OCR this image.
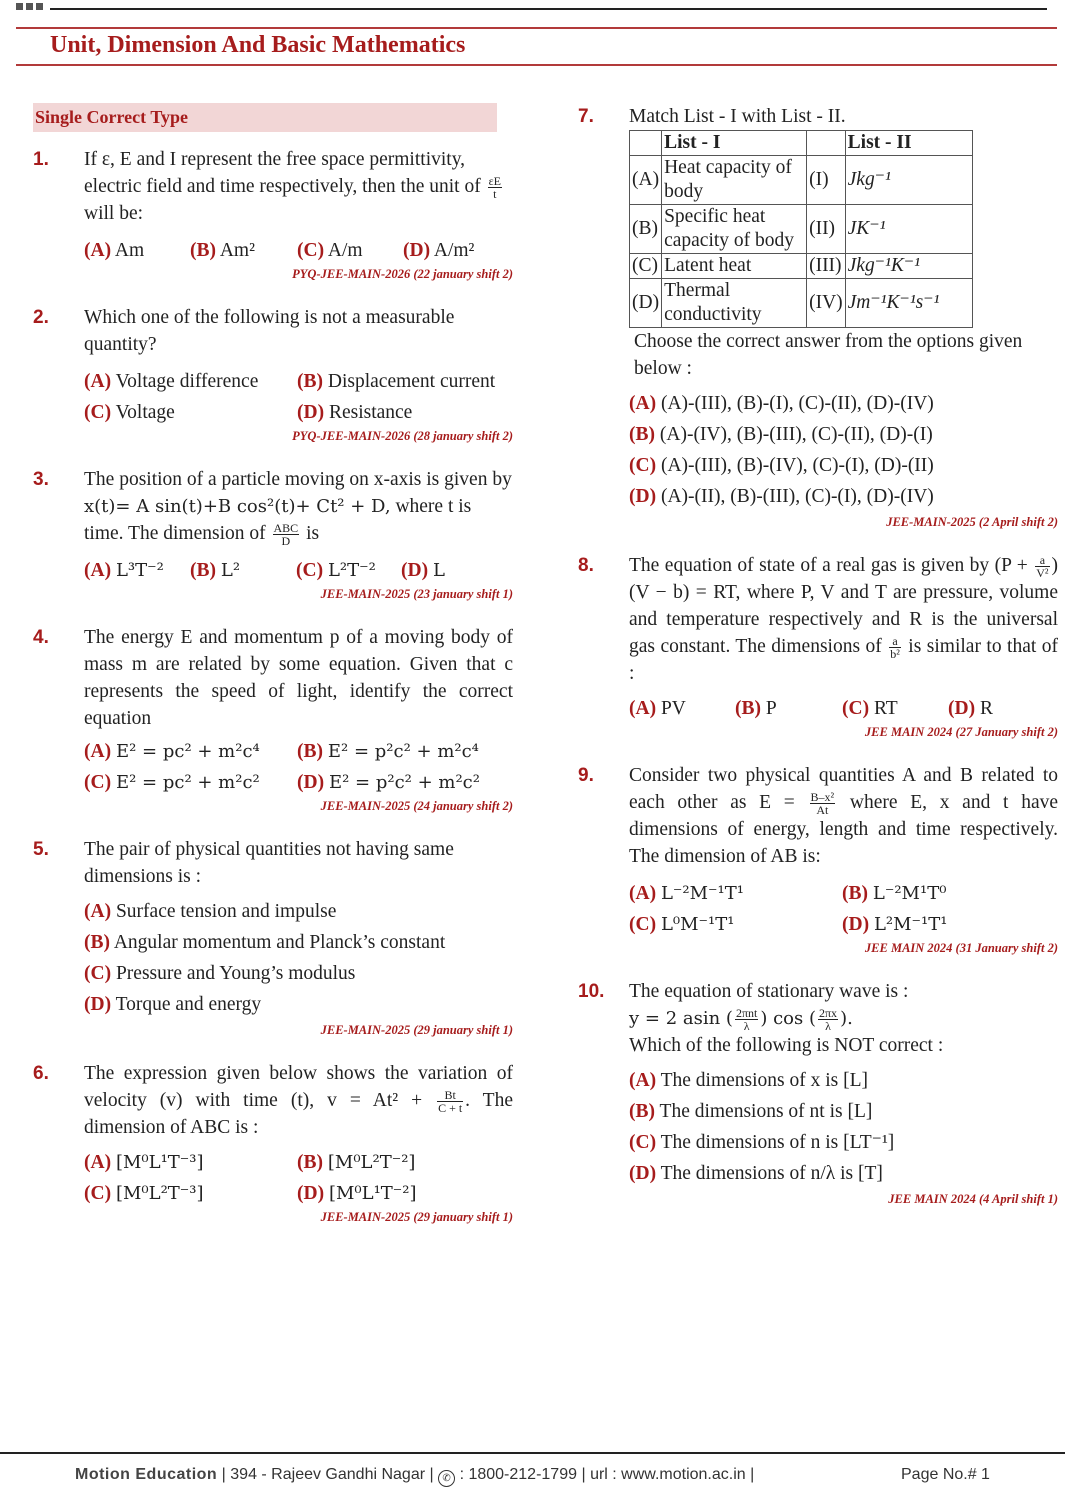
Unit, Dimension And Basic Mathematics
Single Correct Type
1.	If ε, E and I represent the free space permittivity, electric field and time respectively, then the unit of $\frac{\varepsilon E}{t}$
will be:

(A) Am	(B) Am²	(C) A/m	(D) A/m²
PYQ-JEE-MAIN-2026 (22 january shift 2)
2.	Which one of the following is not a measurable quantity?

(A) Voltage difference	(B) Displacement current
(C) Voltage	(D) Resistance
PYQ-JEE-MAIN-2026 (28 january shift 2)
3.	The position of a particle moving on x-axis is given by
x(t)= A sin(t)+B cos²(t)+ Ct² + D, where t is time. The dimension of $\frac{\text{ABC}}{D}$ is

(A) L³T⁻²	(B) L²	(C) L²T⁻²	(D) L
JEE-MAIN-2025 (23 january shift 1)
4.	The energy E and momentum p of a moving body of mass m are related by some equation. Given that c represents the speed of light, identify the correct equation

(A) E² = pc² + m²c⁴	(B) E² = p²c² + m²c⁴
(C) E² = pc² + m²c²	(D) E² = p²c² + m²c²
JEE-MAIN-2025 (24 january shift 2)
5.	The pair of physical quantities not having same dimensions is :

(A) Surface tension and impulse
(B) Angular momentum and Planck’s constant
(C) Pressure and Young’s modulus
(D) Torque and energy
JEE-MAIN-2025 (29 january shift 1)
6.	The expression given below shows the variation of velocity (v) with time (t), $v = At^2 + \frac{Bt}{C + t}$ . The dimension of ABC is :

(A) [M⁰L¹T⁻³]	(B) [M⁰L²T⁻²]
(C) [M⁰L²T⁻³]	(D) [M⁰L¹T⁻²]
JEE-MAIN-2025 (29 january shift 1)
7.	Match List - I with List - II.

	List - I		List - II
(A)	Heat capacity of body	(I)	Jkg⁻¹
(B)	Specific heat capacity of body	(II)	JK⁻¹
(C)	Latent heat	(III)	Jkg⁻¹K⁻¹
(D)	Thermal conductivity	(IV)	Jm⁻¹K⁻¹s⁻¹

Choose the correct answer from the options given below :

(A) (A)-(III), (B)-(I), (C)-(II), (D)-(IV)
(B) (A)-(IV), (B)-(III), (C)-(II), (D)-(I)
(C) (A)-(III), (B)-(IV), (C)-(I), (D)-(II)
(D) (A)-(II), (B)-(III), (C)-(I), (D)-(IV)
JEE-MAIN-2025 (2 April shift 2)
8.	The equation of state of a real gas is given by $(P + \frac{a}{\text{V²}} )(V - b)$ = RT, where P, V and T are pressure, volume and temperature respectively and R is the universal gas constant. The dimensions of $\frac{a}{\text{b²}}$ is similar to that of :

(A) PV	(B) P	(C) RT	(D) R
JEE MAIN 2024 (27 January shift 2)
9.	Consider two physical quantities A and B related to each other as $E = \frac{\text{B–x²}}{At}$ where E, x and t have dimensions of energy, length and time respectively. The dimension of AB is:

(A) L⁻²M⁻¹T¹	(B) L⁻²M¹T⁰
(C) L⁰M⁻¹T¹	(D) L²M⁻¹T¹
JEE MAIN 2024 (31 January shift 2)
10.	The equation of stationary wave is :
y = 2 asin ( $\frac{\text{2πnt}}{\lambda}$ ) cos ( $\frac{2\pi x}{\lambda}$ ).
Which of the following is NOT correct :

(A) The dimensions of x is [L]
(B) The dimensions of nt is [L]
(C) The dimensions of n is [LT⁻¹]
(D) The dimensions of n/λ is [T]
JEE MAIN 2024 (4 April shift 1)
Motion Education | 394 - Rajeev Gandhi Nagar | ✆ : 1800-212-1799 | url : www.motion.ac.in |	Page No.# 1
